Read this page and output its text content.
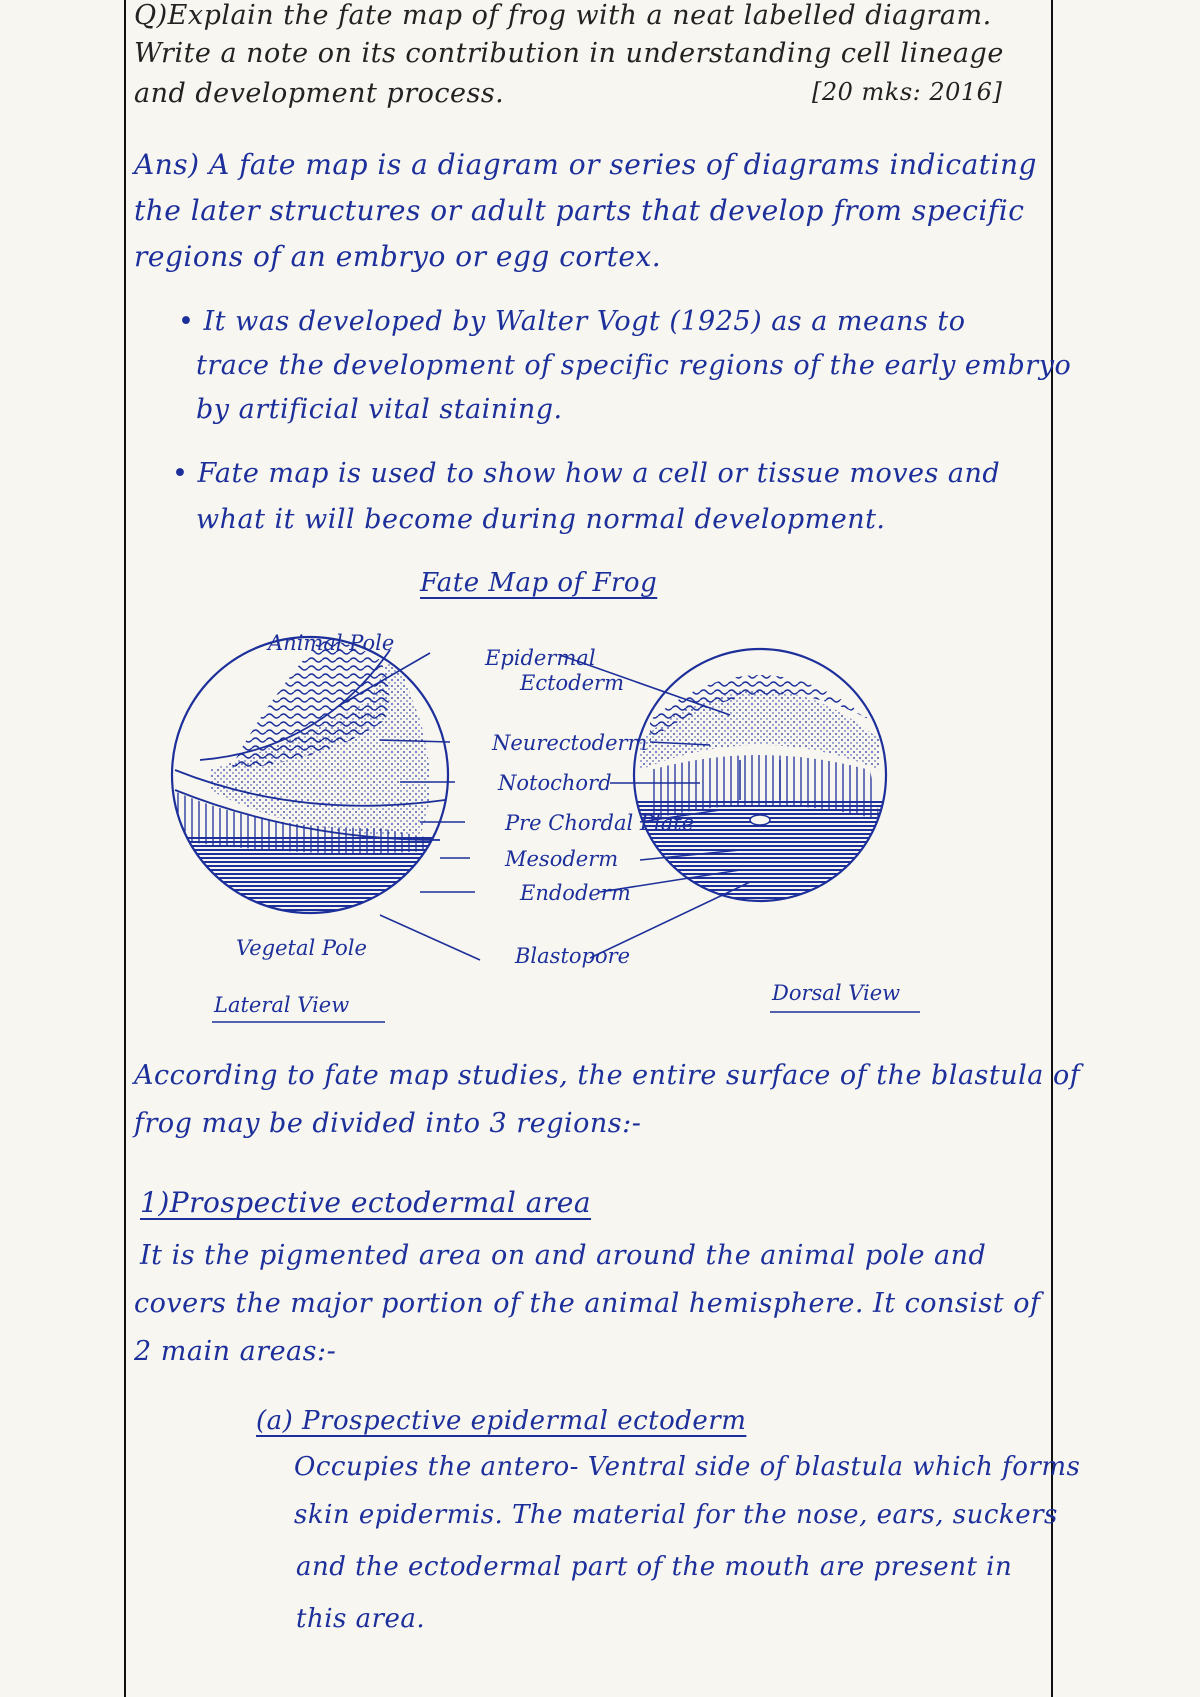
Q)Explain the fate map of frog with a neat labelled diagram.
Write a note on its contribution in understanding cell lineage
and development process.	[20 mks: 2016]
Ans) A fate map is a diagram or series of diagrams indicating
the later structures or adult parts that develop from specific
regions of an embryo or egg cortex.
• It was developed by Walter Vogt (1925) as a means to
trace the development of specific regions of the early embryo
by artificial vital staining.
• Fate map is used to show how a cell or tissue moves and
what it will become during normal development.
Fate Map of Frog
Animal Pole
Epidermal
Ectoderm
Neurectoderm
Notochord
Pre Chordal Plate
Mesoderm
Endoderm
Blastopore
Vegetal Pole
Lateral View	Dorsal View
According to fate map studies, the entire surface of the blastula of
frog may be divided into 3 regions:-
1)Prospective ectodermal area
It is the pigmented area on and around the animal pole and
covers the major portion of the animal hemisphere. It consist of
2 main areas:-
(a) Prospective epidermal ectoderm
Occupies the antero- Ventral side of blastula which forms
skin epidermis. The material for the nose, ears, suckers
and the ectodermal part of the mouth are present in
this area.
